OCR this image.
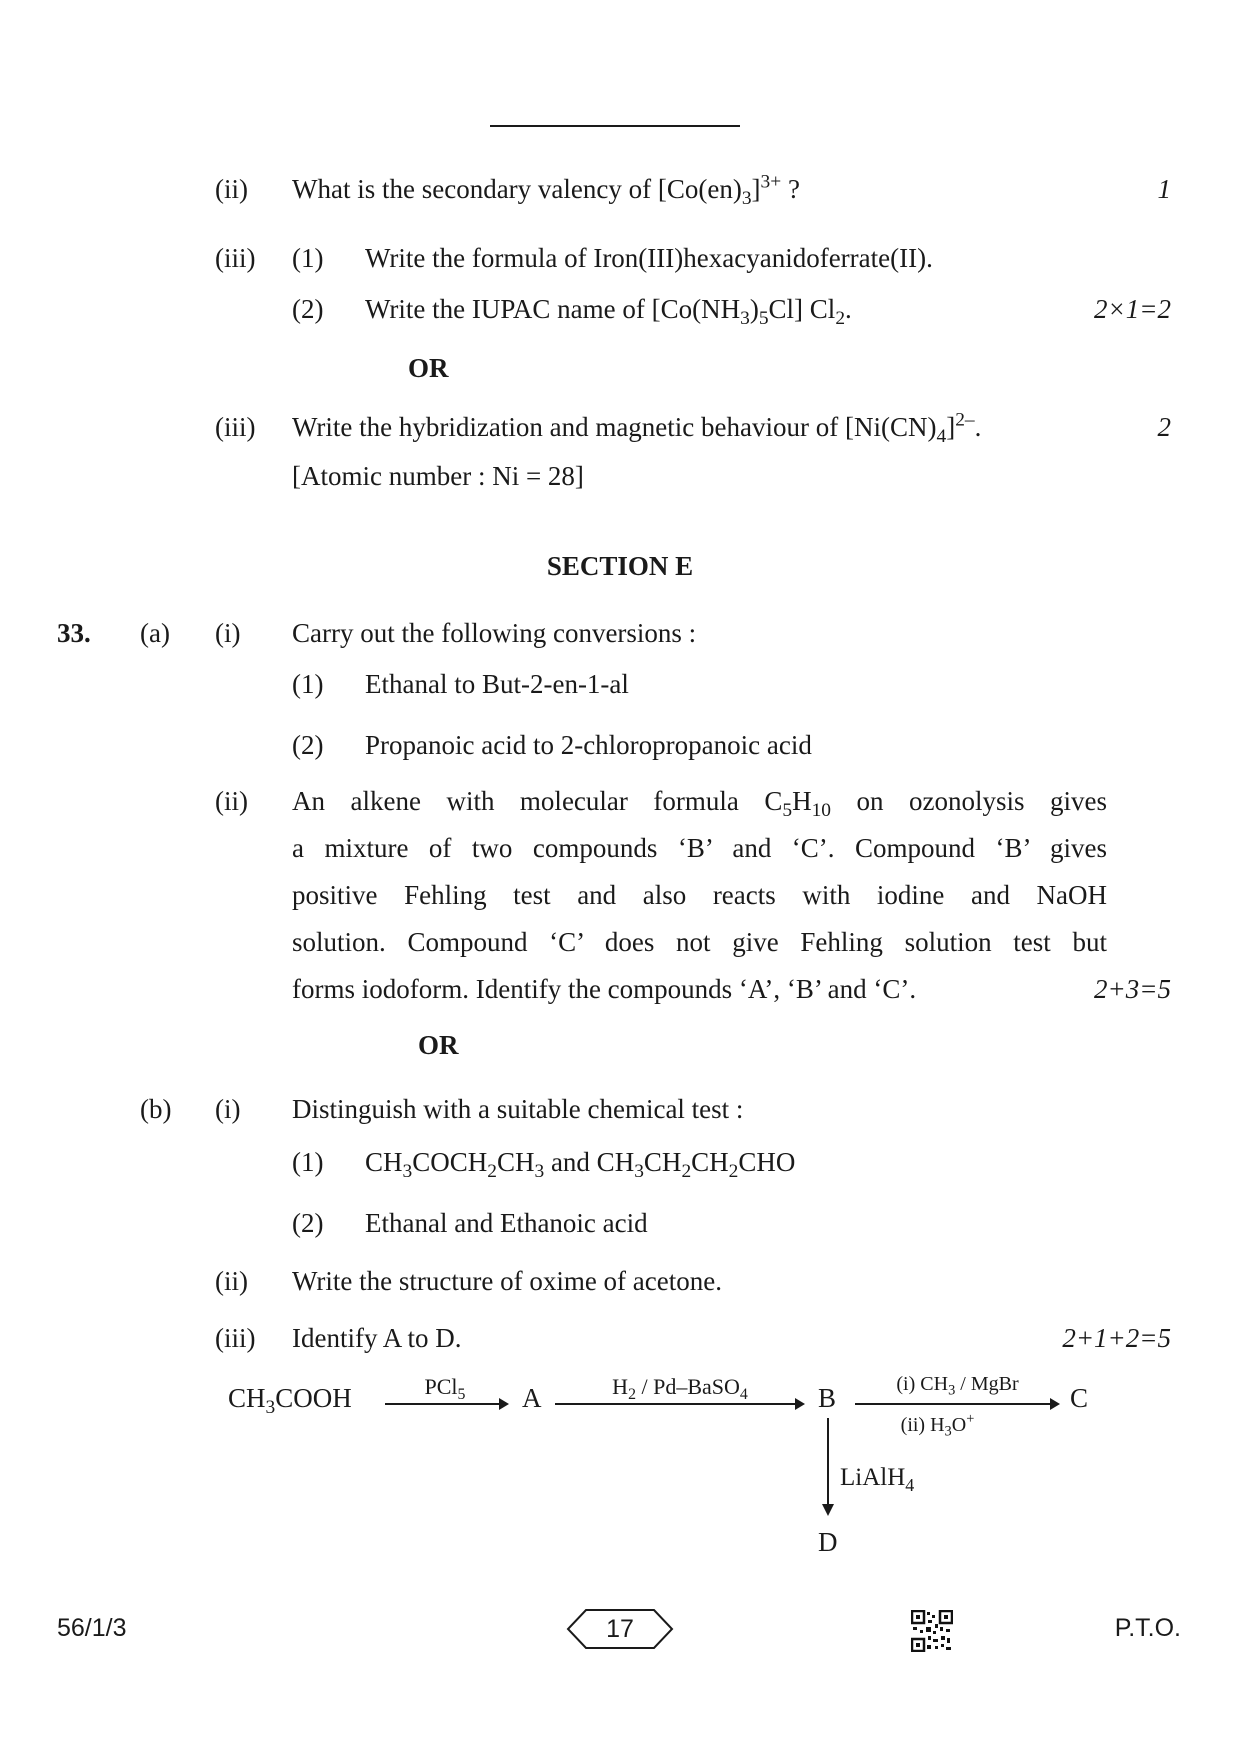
(ii) What is the secondary valency of $[Co(en)_3]^{3+}$ ?	1
(iii) (1) Write the formula of Iron(III)hexacyanidoferrate(II).
(2) Write the IUPAC name of $[Co(NH_3)_5Cl]$ $Cl_2$.	2×1=2
OR
(iii) Write the hybridization and magnetic behaviour of $[Ni(CN)_4]^{2-}$.	2
[Atomic number : Ni = 28]
SECTION E
33. (a) (i) Carry out the following conversions :
(1) Ethanal to But-2-en-1-al
(2) Propanoic acid to 2-chloropropanoic acid
(ii) An alkene with molecular formula $C_5H_{10}$ on ozonolysis gives
a mixture of two compounds ‘B’ and ‘C’. Compound ‘B’ gives
positive Fehling test and also reacts with iodine and NaOH
solution. Compound ‘C’ does not give Fehling solution test but
forms iodoform. Identify the compounds ‘A’, ‘B’ and ‘C’.	2+3=5
OR
(b) (i) Distinguish with a suitable chemical test :
(1) $CH_3COCH_2CH_3$ and $CH_3CH_2CH_2CHO$
(2) Ethanal and Ethanoic acid
(ii) Write the structure of oxime of acetone.
(iii) Identify A to D.	2+1+2=5
$CH_3COOH$	PCl$_5$	A	$H_2$ / Pd–BaSO$_4$	B	(i) $CH_3$ / MgBr
(ii) $H_3O^+$
C
LiAlH$_4$
D
56/1/3	17	P.T.O.
